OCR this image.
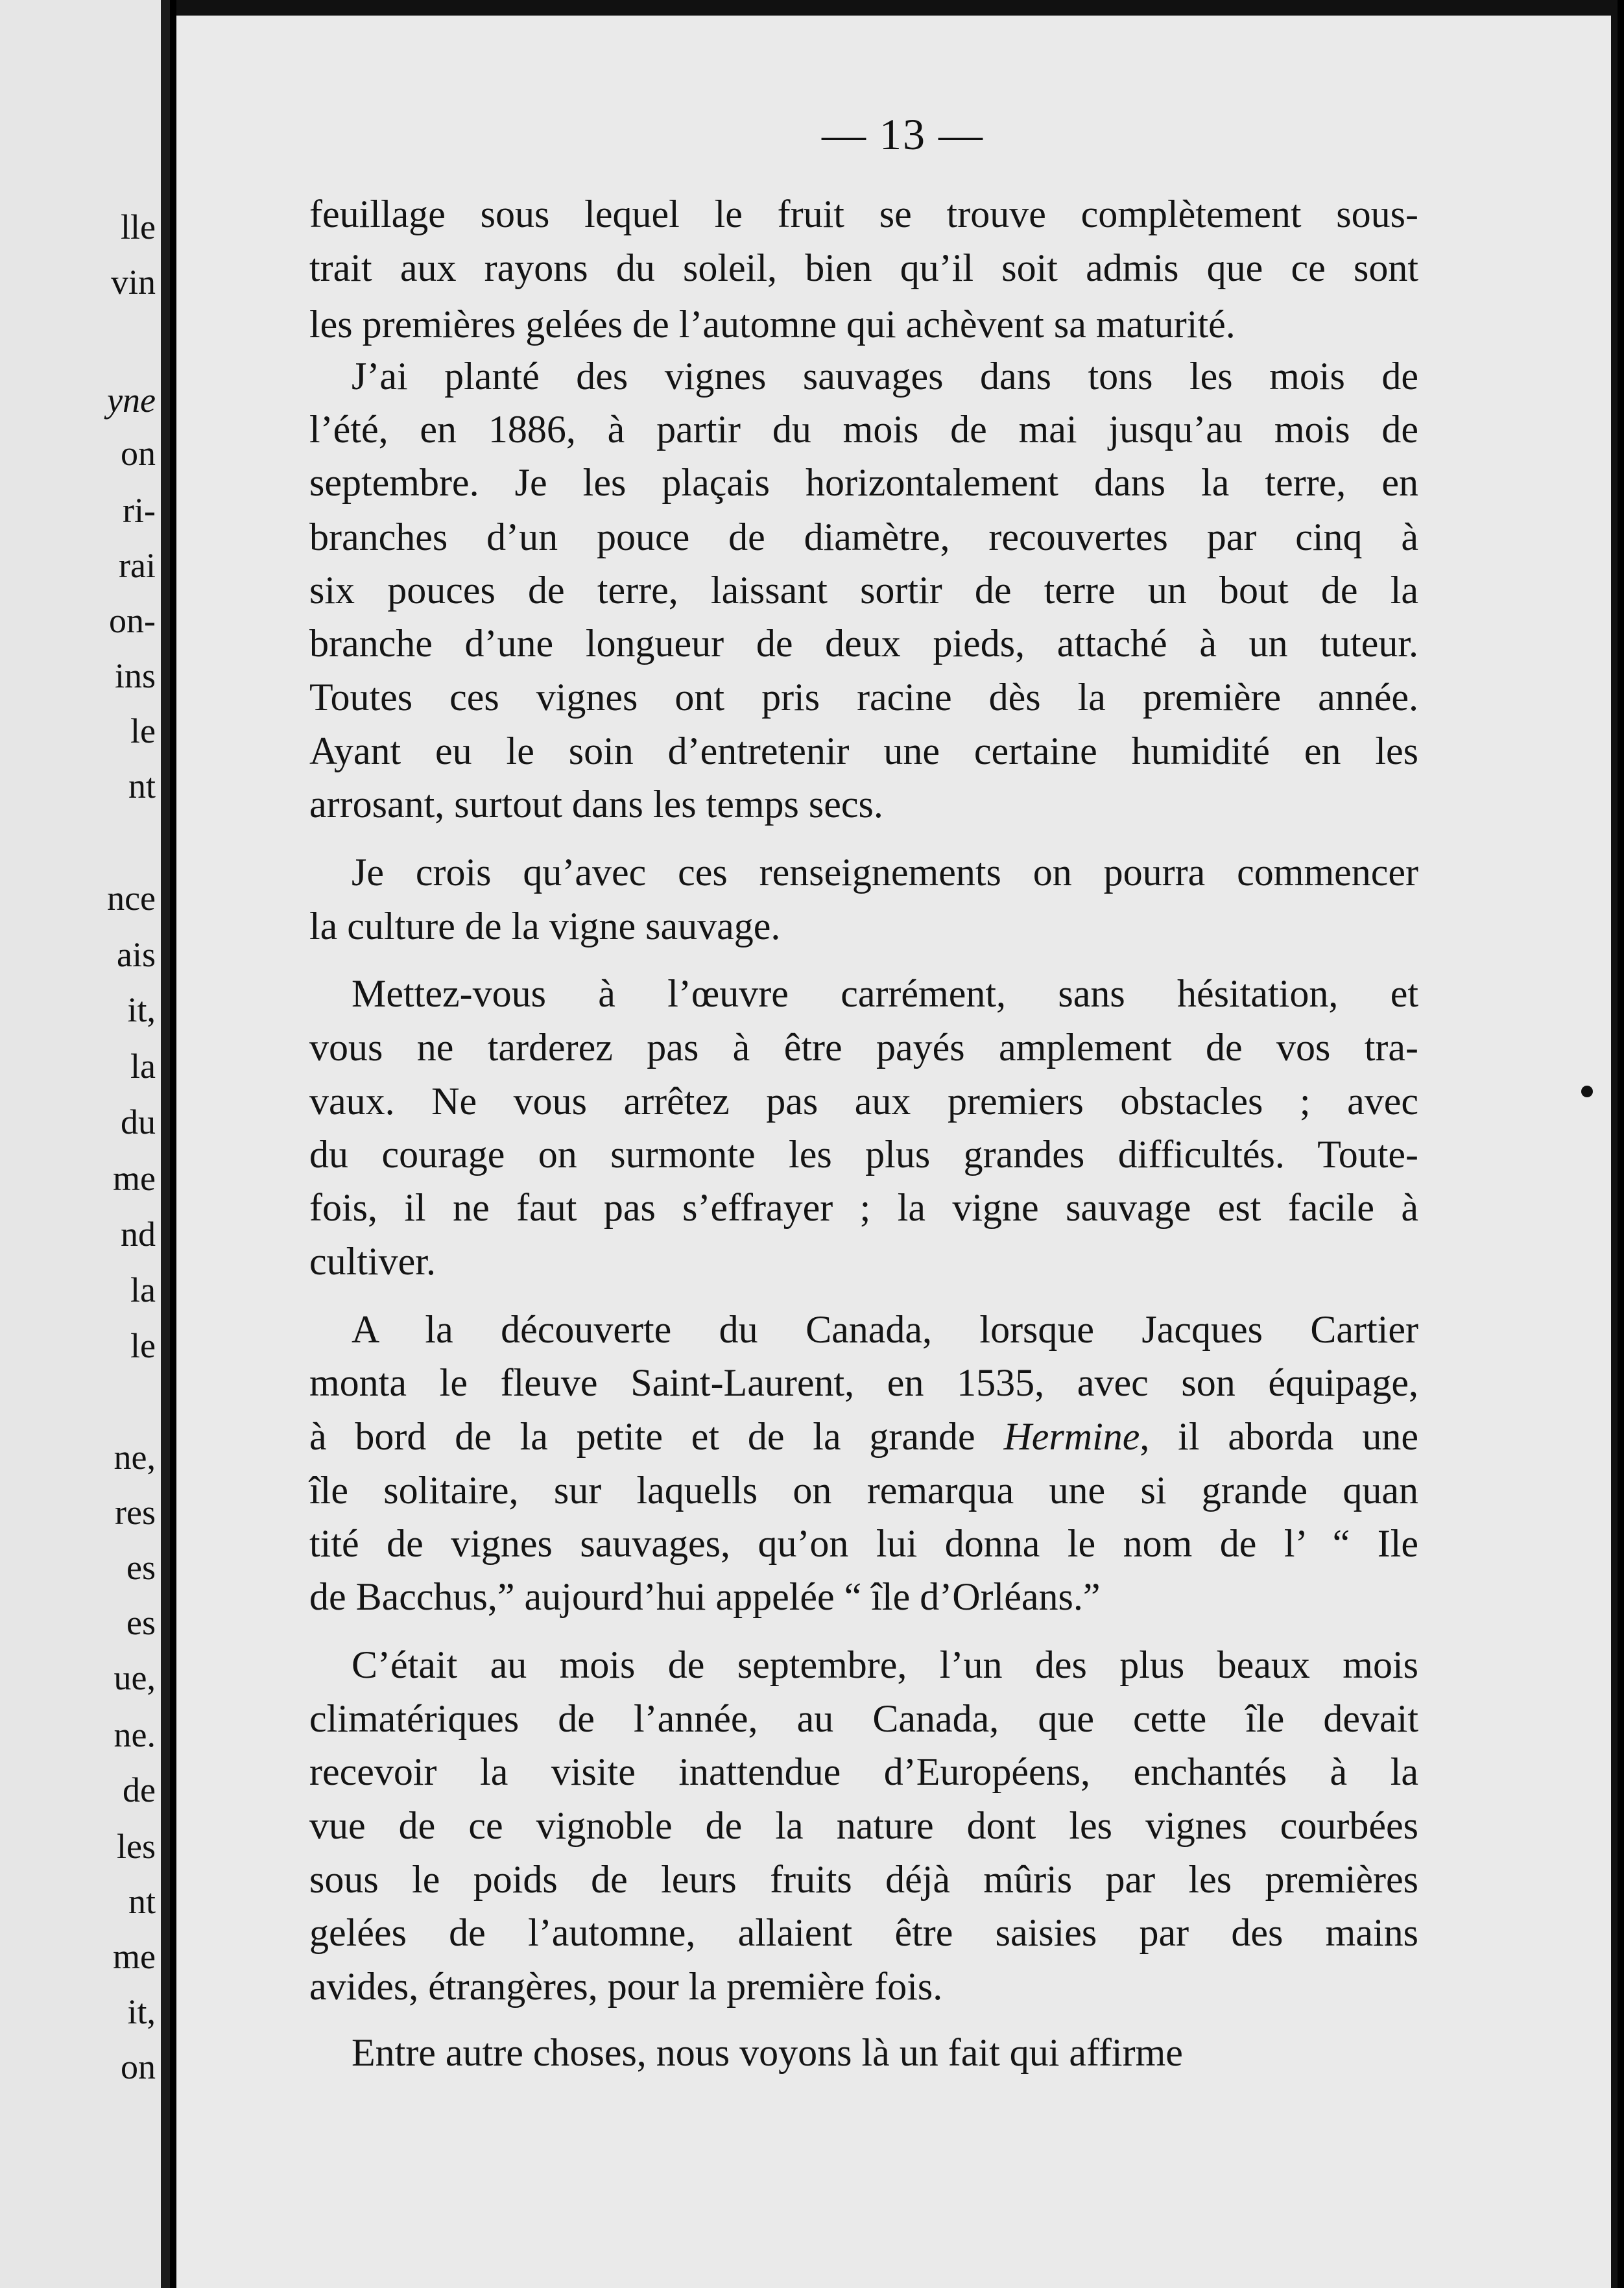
lle
vin
yne
on
ri-
rai
on-
ins
le
nt
nce
ais
it,
la
du
me
nd
la
le
ne,
res
es
es
ue,
ne.
de
les
nt
me
it,
on
— 13 —
feuillage sous lequel le fruit se trouve complètement sous-
trait aux rayons du soleil, bien qu’il soit admis que ce sont
les premières gelées de l’automne qui achèvent sa maturité.
J’ai planté des vignes sauvages dans tons les mois de
l’été, en 1886, à partir du mois de mai jusqu’au mois de
septembre. Je les plaçais horizontalement dans la terre, en
branches d’un pouce de diamètre, recouvertes par cinq à
six pouces de terre, laissant sortir de terre un bout de la
branche d’une longueur de deux pieds, attaché à un tuteur.
Toutes ces vignes ont pris racine dès la première année.
Ayant eu le soin d’entretenir une certaine humidité en les
arrosant, surtout dans les temps secs.
Je crois qu’avec ces renseignements on pourra commencer
la culture de la vigne sauvage.
Mettez-vous à l’œuvre carrément, sans hésitation, et
vous ne tarderez pas à être payés amplement de vos tra-
vaux. Ne vous arrêtez pas aux premiers obstacles ; avec
du courage on surmonte les plus grandes difficultés. Toute-
fois, il ne faut pas s’effrayer ; la vigne sauvage est facile à
cultiver.
A la découverte du Canada, lorsque Jacques Cartier
monta le fleuve Saint-Laurent, en 1535, avec son équipage,
à bord de la petite et de la grande Hermine, il aborda une
île solitaire, sur laquells on remarqua une si grande quan
tité de vignes sauvages, qu’on lui donna le nom de l’ “ Ile
de Bacchus,” aujourd’hui appelée “ île d’Orléans.”
C’était au mois de septembre, l’un des plus beaux mois
climatériques de l’année, au Canada, que cette île devait
recevoir la visite inattendue d’Européens, enchantés à la
vue de ce vignoble de la nature dont les vignes courbées
sous le poids de leurs fruits déjà mûris par les premières
gelées de l’automne, allaient être saisies par des mains
avides, étrangères, pour la première fois.
Entre autre choses, nous voyons là un fait qui affirme
